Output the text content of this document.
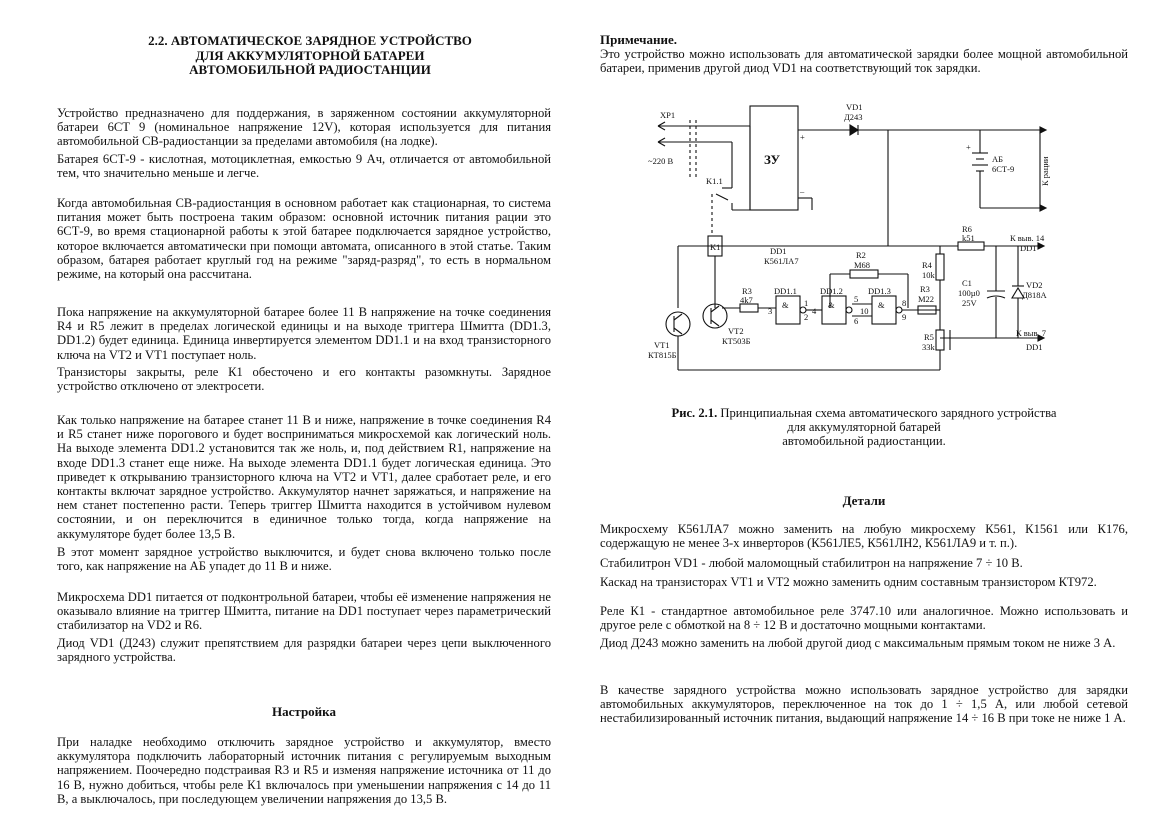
2.2. АВТОМАТИЧЕСКОЕ ЗАРЯДНОЕ УСТРОЙСТВО
ДЛЯ АККУМУЛЯТОРНОЙ БАТАРЕИ
АВТОМОБИЛЬНОЙ РАДИОСТАНЦИИ

Устройство предназначено для поддержания, в заряженном состоянии аккумуляторной батареи 6СТ 9 (номинальное напряжение 12V), которая используется для питания автомобильной СВ-радиостанции за пределами автомобиля (на лодке).

Батарея 6СТ-9 - кислотная, мотоциклетная, емкостью 9 Ач, отличается от автомобильной тем, что значительно меньше и легче.

Когда автомобильная СВ-радиостанция в основном работает как стационарная, то система питания может быть построена таким образом: основной источник питания рации это 6СТ-9, во время стационарной работы к этой батарее подключается зарядное устройство, которое включается автоматически при помощи автомата, описанного в этой статье. Таким образом, батарея работает круглый год на режиме "заряд-разряд", то есть в нормальном режиме, на который она рассчитана.

Пока напряжение на аккумуляторной батарее более 11 В напряжение на точке соединения R4 и R5 лежит в пределах логической единицы и на выходе триггера Шмитта (DD1.3, DD1.2) будет единица. Единица инвертируется элементом DD1.1 и на вход транзисторного ключа на VT2 и VT1 поступает ноль.

Транзисторы закрыты, реле К1 обесточено и его контакты разомкнуты. Зарядное устройство отключено от электросети.

Как только напряжение на батарее станет 11 В и ниже, напряжение в точке соединения R4 и R5 станет ниже порогового и будет восприниматься микросхемой как логический ноль. На выходе элемента DD1.2 установится так же ноль, и, под действием R1, напряжение на входе DD1.3 станет еще ниже. На выходе элемента DD1.1 будет логическая единица. Это приведет к открыванию транзисторного ключа на VT2 и VT1, далее сработает реле, и его контакты включат зарядное устройство. Аккумулятор начнет заряжаться, и напряжение на нем станет постепенно расти. Теперь триггер Шмитта находится в устойчивом нулевом состоянии, и он переключится в единичное только тогда, когда напряжение на аккумуляторе будет более 13,5 В.

В этот момент зарядное устройство выключится, и будет снова включено только после того, как напряжение на АБ упадет до 11 В и ниже.

Микросхема DD1 питается от подконтрольной батареи, чтобы её изменение напряжения не оказывало влияние на триггер Шмитта, питание на DD1 поступает через параметрический стабилизатор на VD2 и R6.

Диод VD1 (Д243) служит препятствием для разрядки батареи через цепи выключенного зарядного устройства.

Настройка

При наладке необходимо отключить зарядное устройство и аккумулятор, вместо аккумулятора подключить лабораторный источник питания с регулируемым выходным напряжением. Поочередно подстраивая R3 и R5 и изменяя напряжение источника от 11 до 16 В, нужно добиться, чтобы реле К1 включалось при уменьшении напряжения с 14 до 11 В, а выключалось, при последующем увеличении напряжения до 13,5 В.

Примечание.

Это устройство можно использовать для автоматической зарядки более мощной автомобильной батареи, применив другой диод VD1 на соответствующий ток зарядки.

Рис. 2.1. Принципиальная схема автоматического зарядного устройства
для аккумуляторной батарей
автомобильной радиостанции.
Детали

Микросхему К561ЛА7 можно заменить на любую микросхему К561, К1561 или К176, содержащую не менее 3-х инверторов (К561ЛЕ5, К561ЛН2, К561ЛА9 и т. п.).

Стабилитрон VD1 - любой маломощный стабилитрон на напряжение 7 ÷ 10 В.

Каскад на транзисторах VT1 и VT2 можно заменить одним составным транзистором КТ972.

Реле К1 - стандартное автомобильное реле 3747.10 или аналогичное. Можно использовать и другое реле с обмоткой на 8 ÷ 12 В и достаточно мощными контактами.

Диод Д243 можно заменить на любой другой диод с максимальным прямым током не ниже 3 А.

В качестве зарядного устройства можно использовать зарядное устройство для зарядки автомобильных аккумуляторов, переключенное на ток до 1 ÷ 1,5 А, или любой сетевой нестабилизированный источник питания, выдающий напряжение 14 ÷ 16 В при токе не ниже 1 А.

XP1
~220 В	ЗУ
+
–
VD1
Д243
+
АБ
6СТ-9	К рации
K1.1
K1	DD1
К561ЛА7
R2
M68
R6
k51	К выв. 14
DD1
R4
10k
C1
100µ0
25V
VD2
Д818А
R3
M22
R5
33k
К выв. 7
DD1
R3
4k7
DD1.1	DD1.2	DD1.3
3
1
2
4
5
6
8
9
10
&	&	&
VT1
КТ815Б
VT2
КТ503Б
